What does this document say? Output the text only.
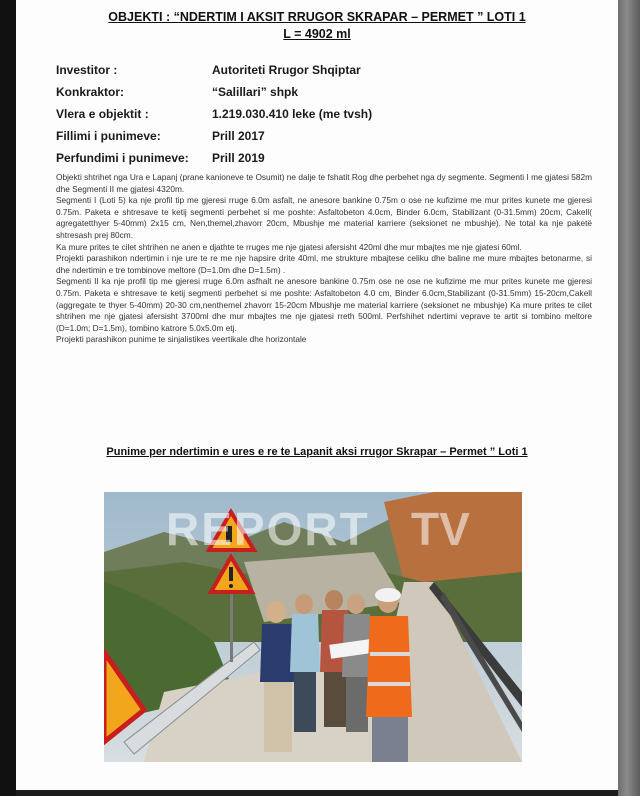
OBJEKTI : “NDERTIM I AKSIT RRUGOR SKRAPAR – PERMET ” LOTI 1
L = 4902 ml
Investitor :	Autoriteti Rrugor Shqiptar
Konkraktor:	“Salillari” shpk
Vlera e objektit :	1.219.030.410 leke (me tvsh)
Fillimi i punimeve:	Prill 2017
Perfundimi i punimeve: Prill 2019

Objekti shtrihet nga Ura e Lapanj (prane kanioneve te Osumit) ne dalje te fshatit Rog dhe perbehet nga dy segmente. Segmenti I me gjatesi 582m dhe Segmenti II me gjatesi 4320m.

Segmenti I (Loti 5) ka nje profil tip me gjeresi rruge 6.0m asfalt, ne anesore bankine 0.75m o ose ne kufizime me mur prites kunete me gjeresi 0.75m. Paketa e shtresave te ketij segmenti perbehet si me poshte: Asfaltobeton 4.0cm, Binder 6.0cm, Stabilizant (0-31.5mm) 20cm, Cakell( agregatetthyer 5-40mm) 2x15 cm, Nen,themel,zhavorr 20cm, Mbushje me material karriere (seksionet ne mbushje). Ne total ka nje paketë shtresash prej 80cm.

Ka mure prites te cilet shtrihen ne anen e djathte te rruges me nje gjatesi afersisht 420ml dhe mur mbajtes me nje gjatesi 60ml.

Projekti parashikon ndertimin i nje ure te re me nje hapsire drite 40ml, me strukture mbajtese celiku dhe baline me mure mbajtes betonarme, si dhe ndertimin e tre tombinove meltore (D=1.0m dhe D=1.5m) .

Segmenti II ka nje profil tip me gjeresi rruge 6.0m asfhalt ne anesore bankine 0.75m ose ne ose ne kufizime me mur prites kunete me gjeresi 0.75m. Paketa e shtresave te ketij segmenti perbehet si me poshte: Asfaltobeton 4.0 cm, Binder 6.0cm,Stabilizant (0-31.5mm) 15-20cm,Cakell (aggregate te thyer 5-40mm) 20-30 cm,nenthemel zhavorr 15-20cm Mbushje me material karriere (seksionet ne mbushje) Ka mure prites te cilet shtrihen me nje gjatesi afersisht 3700ml dhe mur mbajtes me nje gjatesi rreth 500ml. Perfshihet ndertimi veprave te artit si tombino meltore (D=1.0m; D=1.5m), tombino katrore 5.0x5.0m etj.

Projekti parashikon punime te sinjalistikes veertikale dhe horizontale

Punime per ndertimin e ures e re te Lapanit aksi rrugor Skrapar – Permet ” Loti 1
REPORT TV
